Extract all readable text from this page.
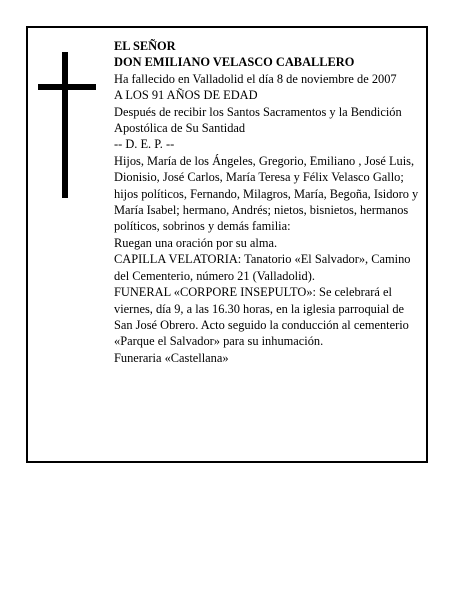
EL SEÑOR

DON EMILIANO VELASCO CABALLERO

Ha fallecido en Valladolid el día 8 de noviembre de 2007

A LOS 91 AÑOS DE EDAD

Después de recibir los Santos Sacramentos y la Bendición Apostólica de Su Santidad

-- D. E. P. --

Hijos, María de los Ángeles, Gregorio, Emiliano , José Luis, Dionisio, José Carlos, María Teresa y Félix Velasco Gallo; hijos políticos, Fernando, Milagros, María, Begoña, Isidoro y María Isabel; hermano, Andrés; nietos, bisnietos, hermanos políticos, sobrinos y demás familia:

Ruegan una oración por su alma.

CAPILLA VELATORIA: Tanatorio «El Salvador», Camino del Cementerio, número 21 (Valladolid).

FUNERAL «CORPORE INSEPULTO»: Se celebrará el viernes, día 9, a las 16.30 horas, en la iglesia parroquial de San José Obrero. Acto seguido la conducción al cementerio «Parque el Salvador» para su inhumación.

Funeraria «Castellana»
